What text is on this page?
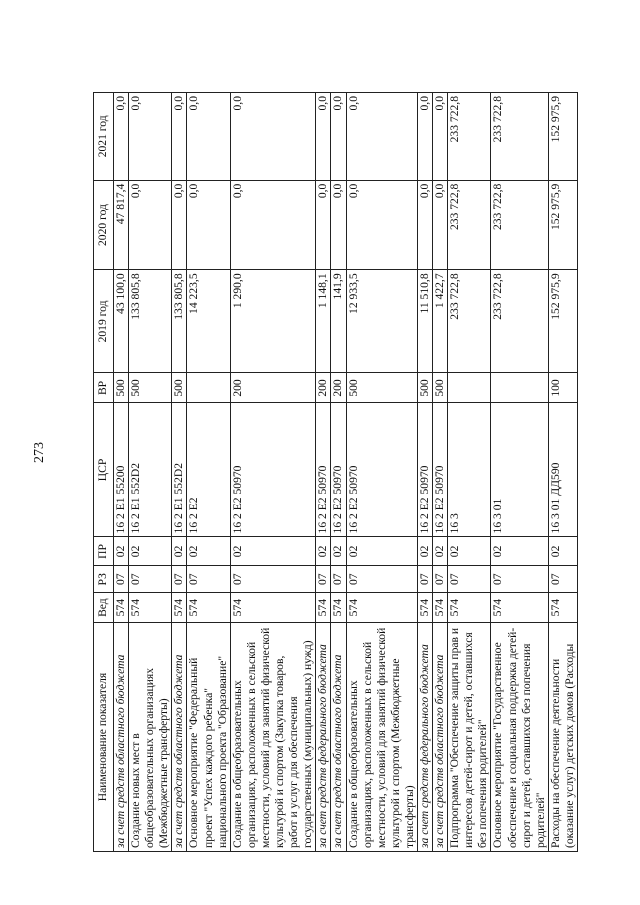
273
Наименование показателя	Вед	РЗ	ПР	ЦСР	ВР	2019 год	2020 год	2021 год
за счет средств областного бюджета	574	07	02	16 2 E1 55200	500	43 100,0	47 817,4	0,0
Создание новых мест в общеобразовательных организациях (Межбюджетные трансферты)	574	07	02	16 2 E1 552D2	500	133 805,8	0,0	0,0
за счет средств областного бюджета	574	07	02	16 2 E1 552D2	500	133 805,8	0,0	0,0
Основное мероприятие "Федеральный проект "Успех каждого ребенка" национального проекта "Образование"	574	07	02	16 2 E2		14 223,5	0,0	0,0
Создание в общеобразовательных организациях, расположенных в сельской местности, условий для занятий физической культурой и спортом (Закупка товаров, работ и услуг для обеспечения государственных (муниципальных) нужд)	574	07	02	16 2 E2 50970	200	1 290,0	0,0	0,0
за счет средств федерального бюджета	574	07	02	16 2 E2 50970	200	1 148,1	0,0	0,0
за счет средств областного бюджета	574	07	02	16 2 E2 50970	200	141,9	0,0	0,0
Создание в общеобразовательных организациях, расположенных в сельской местности, условий для занятий физической культурой и спортом (Межбюджетные трансферты)	574	07	02	16 2 E2 50970	500	12 933,5	0,0	0,0
за счет средств федерального бюджета	574	07	02	16 2 E2 50970	500	11 510,8	0,0	0,0
за счет средств областного бюджета	574	07	02	16 2 E2 50970	500	1 422,7	0,0	0,0
Подпрограмма "Обеспечение защиты прав и интересов детей-сирот и детей, оставшихся без попечения родителей"	574	07	02	16 3		233 722,8	233 722,8	233 722,8
Основное мероприятие "Государственное обеспечение и социальная поддержка детей-сирот и детей, оставшихся без попечения родителей"	574	07	02	16 3 01		233 722,8	233 722,8	233 722,8
Расходы на обеспечение деятельности (оказание услуг) детских домов (Расходы	574	07	02	16 3 01 ДД590	100	152 975,9	152 975,9	152 975,9
